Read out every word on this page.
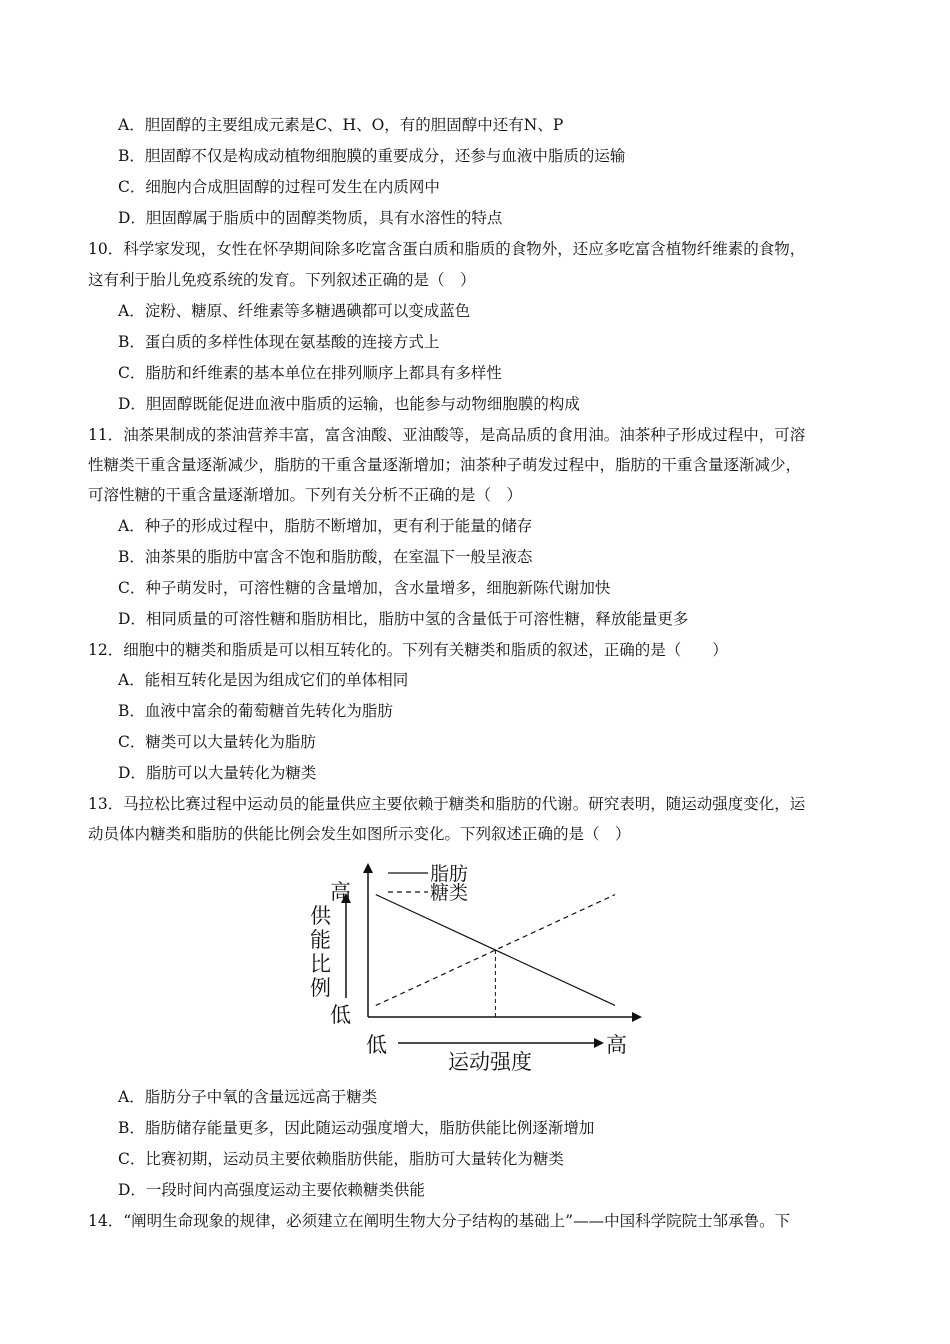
A．胆固醇的主要组成元素是C、H、O，有的胆固醇中还有N、P
B．胆固醇不仅是构成动植物细胞膜的重要成分，还参与血液中脂质的运输
C．细胞内合成胆固醇的过程可发生在内质网中
D．胆固醇属于脂质中的固醇类物质，具有水溶性的特点
10．科学家发现，女性在怀孕期间除多吃富含蛋白质和脂质的食物外，还应多吃富含植物纤维素的食物，
这有利于胎儿免疫系统的发育。下列叙述正确的是（　）
A．淀粉、糖原、纤维素等多糖遇碘都可以变成蓝色
B．蛋白质的多样性体现在氨基酸的连接方式上
C．脂肪和纤维素的基本单位在排列顺序上都具有多样性
D．胆固醇既能促进血液中脂质的运输，也能参与动物细胞膜的构成
11．油茶果制成的茶油营养丰富，富含油酸、亚油酸等，是高品质的食用油。油茶种子形成过程中，可溶
性糖类干重含量逐渐减少，脂肪的干重含量逐渐增加；油茶种子萌发过程中，脂肪的干重含量逐渐减少，
可溶性糖的干重含量逐渐增加。下列有关分析不正确的是（　）
A．种子的形成过程中，脂肪不断增加，更有利于能量的储存
B．油茶果的脂肪中富含不饱和脂肪酸，在室温下一般呈液态
C．种子萌发时，可溶性糖的含量增加，含水量增多，细胞新陈代谢加快
D．相同质量的可溶性糖和脂肪相比，脂肪中氢的含量低于可溶性糖，释放能量更多
12．细胞中的糖类和脂质是可以相互转化的。下列有关糖类和脂质的叙述，正确的是（　　）
A．能相互转化是因为组成它们的单体相同
B．血液中富余的葡萄糖首先转化为脂肪
C．糖类可以大量转化为脂肪
D．脂肪可以大量转化为糖类
13．马拉松比赛过程中运动员的能量供应主要依赖于糖类和脂肪的代谢。研究表明，随运动强度变化，运
动员体内糖类和脂肪的供能比例会发生如图所示变化。下列叙述正确的是（　）
脂肪
糖类
高
低
低	高
供能比例
运动强度
A．脂肪分子中氧的含量远远高于糖类
B．脂肪储存能量更多，因此随运动强度增大，脂肪供能比例逐渐增加
C．比赛初期，运动员主要依赖脂肪供能，脂肪可大量转化为糖类
D．一段时间内高强度运动主要依赖糖类供能
14．“阐明生命现象的规律，必须建立在阐明生物大分子结构的基础上”——中国科学院院士邹承鲁。下
